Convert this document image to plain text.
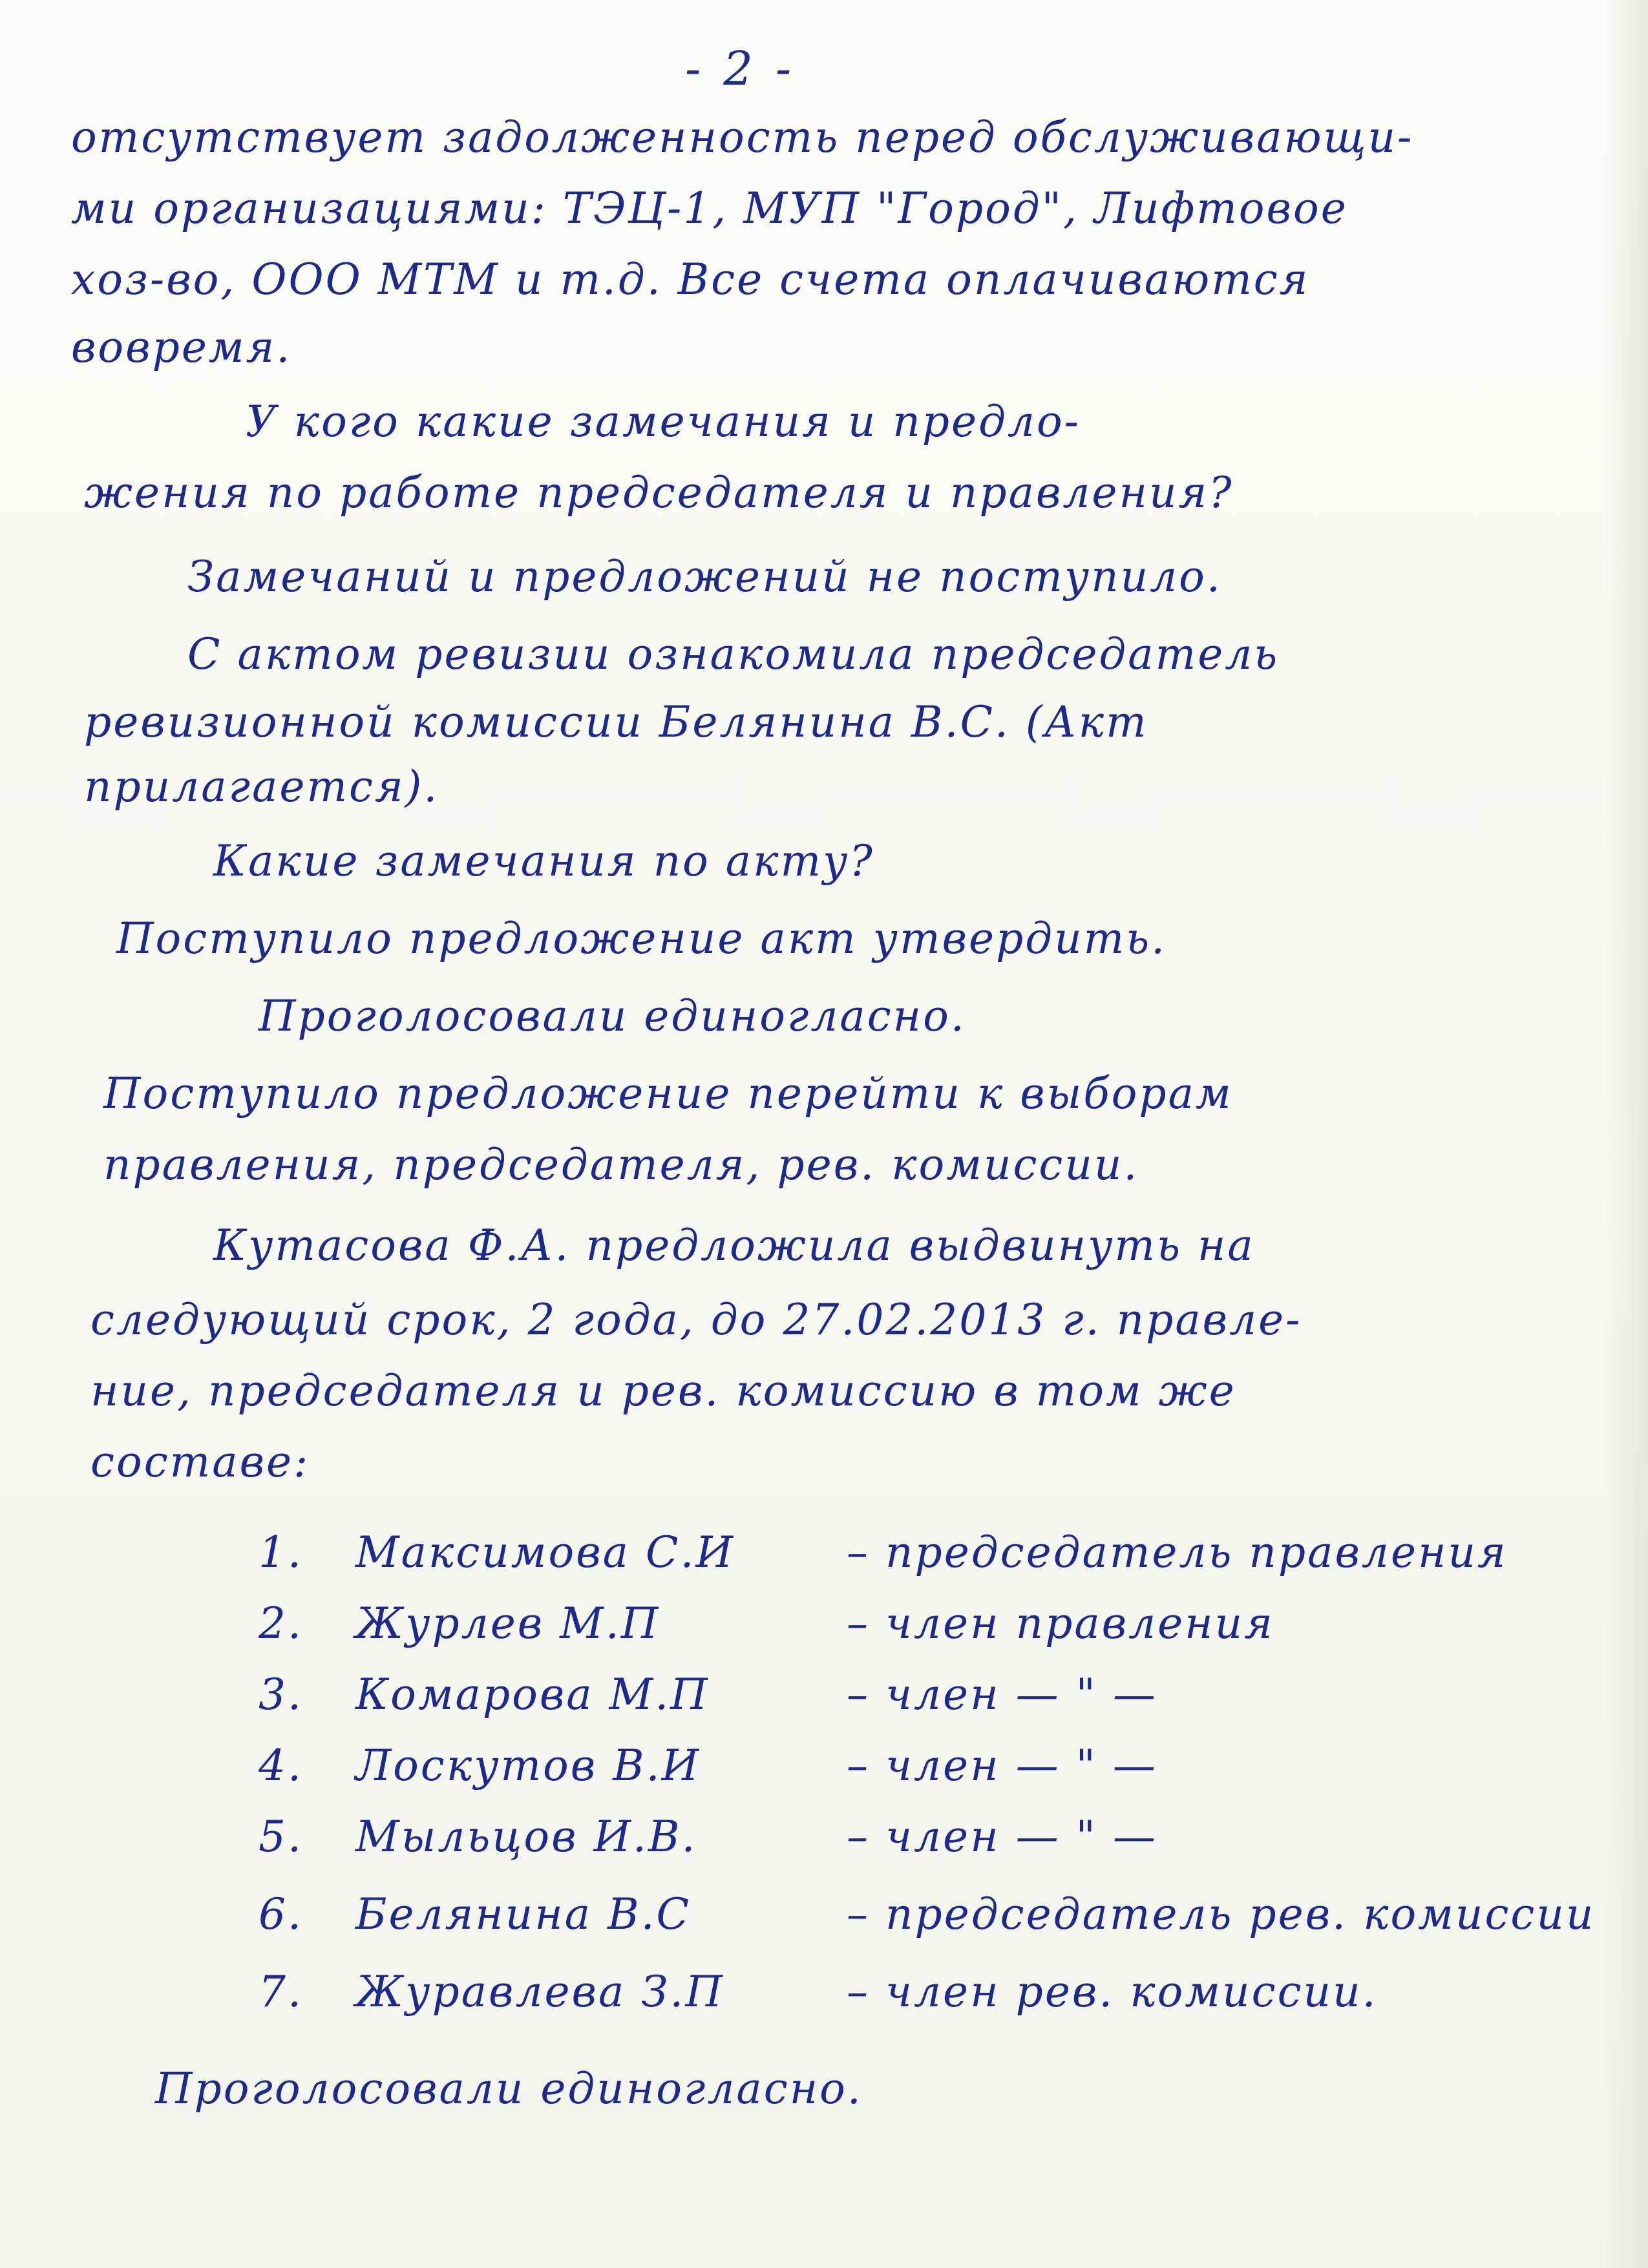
- 2 -
отсутствует задолженность перед обслуживающи-
ми организациями: ТЭЦ-1, МУП "Город", Лифтовое
хоз-во, ООО МТМ и т.д. Все счета оплачиваются
вовремя.
У кого какие замечания и предло-
жения по работе председателя и правления?
Замечаний и предложений не поступило.
С актом ревизии ознакомила председатель
ревизионной комиссии Белянина В.С. (Акт
прилагается).
Какие замечания по акту?
Поступило предложение акт утвердить.
Проголосовали единогласно.
Поступило предложение перейти к выборам
правления, председателя, рев. комиссии.
Кутасова Ф.А. предложила выдвинуть на
следующий срок, 2 года, до 27.02.2013 г. правле-
ние, председателя и рев. комиссию в том же
составе:
1. Максимова С.И	– председатель правления
2. Журлев М.П	– член правления
3. Комарова М.П	– член — " —
4. Лоскутов В.И	– член — " —
5. Мыльцов И.В.	– член — " —
6. Белянина В.С	– председатель рев. комиссии
7. Журавлева З.П	– член рев. комиссии.
Проголосовали единогласно.
